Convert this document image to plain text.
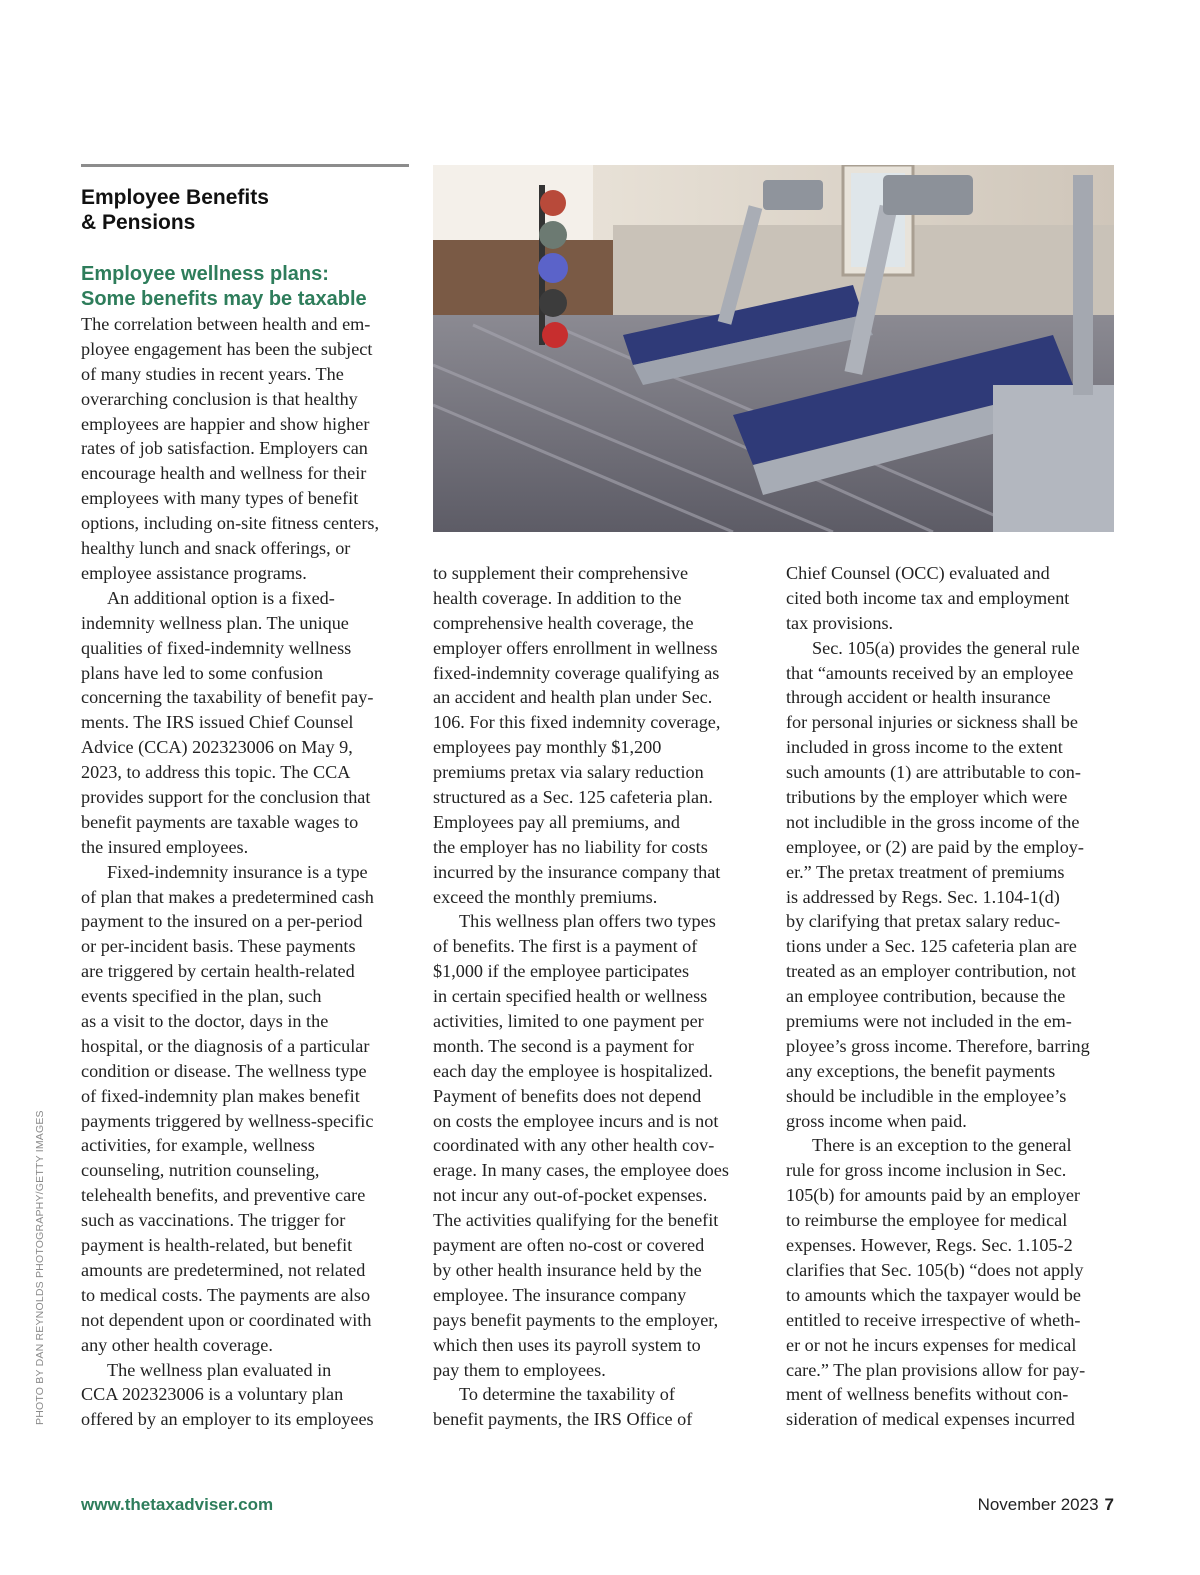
Employee Benefits
& Pensions
Employee wellness plans:
Some benefits may be taxable
The correlation between health and em-
ployee engagement has been the subject
of many studies in recent years. The
overarching conclusion is that healthy
employees are happier and show higher
rates of job satisfaction. Employers can
encourage health and wellness for their
employees with many types of benefit
options, including on-site fitness centers,
healthy lunch and snack offerings, or
employee assistance programs.
An additional option is a fixed-
indemnity wellness plan. The unique
qualities of fixed-indemnity wellness
plans have led to some confusion
concerning the taxability of benefit pay-
ments. The IRS issued Chief Counsel
Advice (CCA) 202323006 on May 9,
2023, to address this topic. The CCA
provides support for the conclusion that
benefit payments are taxable wages to
the insured employees.
Fixed-indemnity insurance is a type
of plan that makes a predetermined cash
payment to the insured on a per-period
or per-incident basis. These payments
are triggered by certain health-related
events specified in the plan, such
as a visit to the doctor, days in the
hospital, or the diagnosis of a particular
condition or disease. The wellness type
of fixed-indemnity plan makes benefit
payments triggered by wellness-specific
activities, for example, wellness
counseling, nutrition counseling,
telehealth benefits, and preventive care
such as vaccinations. The trigger for
payment is health-related, but benefit
amounts are predetermined, not related
to medical costs. The payments are also
not dependent upon or coordinated with
any other health coverage.
The wellness plan evaluated in
CCA 202323006 is a voluntary plan
offered by an employer to its employees
to supplement their comprehensive
health coverage. In addition to the
comprehensive health coverage, the
employer offers enrollment in wellness
fixed-indemnity coverage qualifying as
an accident and health plan under Sec.
106. For this fixed indemnity coverage,
employees pay monthly $1,200
premiums pretax via salary reduction
structured as a Sec. 125 cafeteria plan.
Employees pay all premiums, and
the employer has no liability for costs
incurred by the insurance company that
exceed the monthly premiums.
This wellness plan offers two types
of benefits. The first is a payment of
$1,000 if the employee participates
in certain specified health or wellness
activities, limited to one payment per
month. The second is a payment for
each day the employee is hospitalized.
Payment of benefits does not depend
on costs the employee incurs and is not
coordinated with any other health cov-
erage. In many cases, the employee does
not incur any out-of-pocket expenses.
The activities qualifying for the benefit
payment are often no-cost or covered
by other health insurance held by the
employee. The insurance company
pays benefit payments to the employer,
which then uses its payroll system to
pay them to employees.
To determine the taxability of
benefit payments, the IRS Office of
Chief Counsel (OCC) evaluated and
cited both income tax and employment
tax provisions.
Sec. 105(a) provides the general rule
that “amounts received by an employee
through accident or health insurance
for personal injuries or sickness shall be
included in gross income to the extent
such amounts (1) are attributable to con-
tributions by the employer which were
not includible in the gross income of the
employee, or (2) are paid by the employ-
er.” The pretax treatment of premiums
is addressed by Regs. Sec. 1.104-1(d)
by clarifying that pretax salary reduc-
tions under a Sec. 125 cafeteria plan are
treated as an employer contribution, not
an employee contribution, because the
premiums were not included in the em-
ployee’s gross income. Therefore, barring
any exceptions, the benefit payments
should be includible in the employee’s
gross income when paid.
There is an exception to the general
rule for gross income inclusion in Sec.
105(b) for amounts paid by an employer
to reimburse the employee for medical
expenses. However, Regs. Sec. 1.105-2
clarifies that Sec. 105(b) “does not apply
to amounts which the taxpayer would be
entitled to receive irrespective of wheth-
er or not he incurs expenses for medical
care.” The plan provisions allow for pay-
ment of wellness benefits without con-
sideration of medical expenses incurred
PHOTO BY DAN REYNOLDS PHOTOGRAPHY/GETTY IMAGES
www.thetaxadviser.com	November 2023 7
